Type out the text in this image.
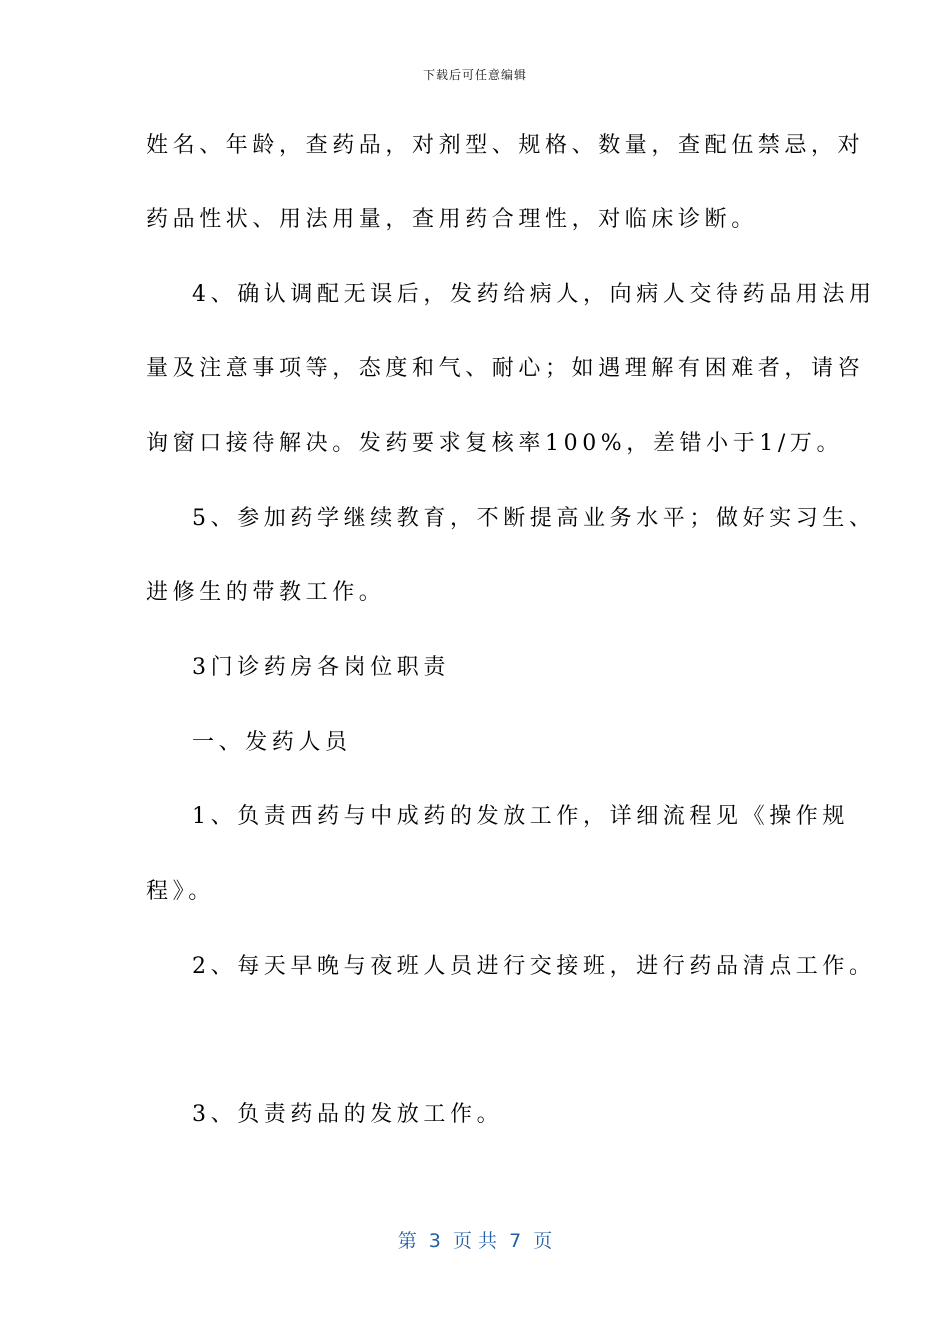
下载后可任意编辑
姓名、年龄，查药品，对剂型、规格、数量，查配伍禁忌，对
药品性状、用法用量，查用药合理性，对临床诊断。
4、确认调配无误后，发药给病人，向病人交待药品用法用
量及注意事项等，态度和气、耐心；如遇理解有困难者，请咨
询窗口接待解决。发药要求复核率100%，差错小于1/万。
5、参加药学继续教育，不断提高业务水平；做好实习生、
进修生的带教工作。
3门诊药房各岗位职责
一、发药人员
1、负责西药与中成药的发放工作，详细流程见《操作规
程》。
2、每天早晚与夜班人员进行交接班，进行药品清点工作。
3、负责药品的发放工作。
第  3  页 共  7  页
